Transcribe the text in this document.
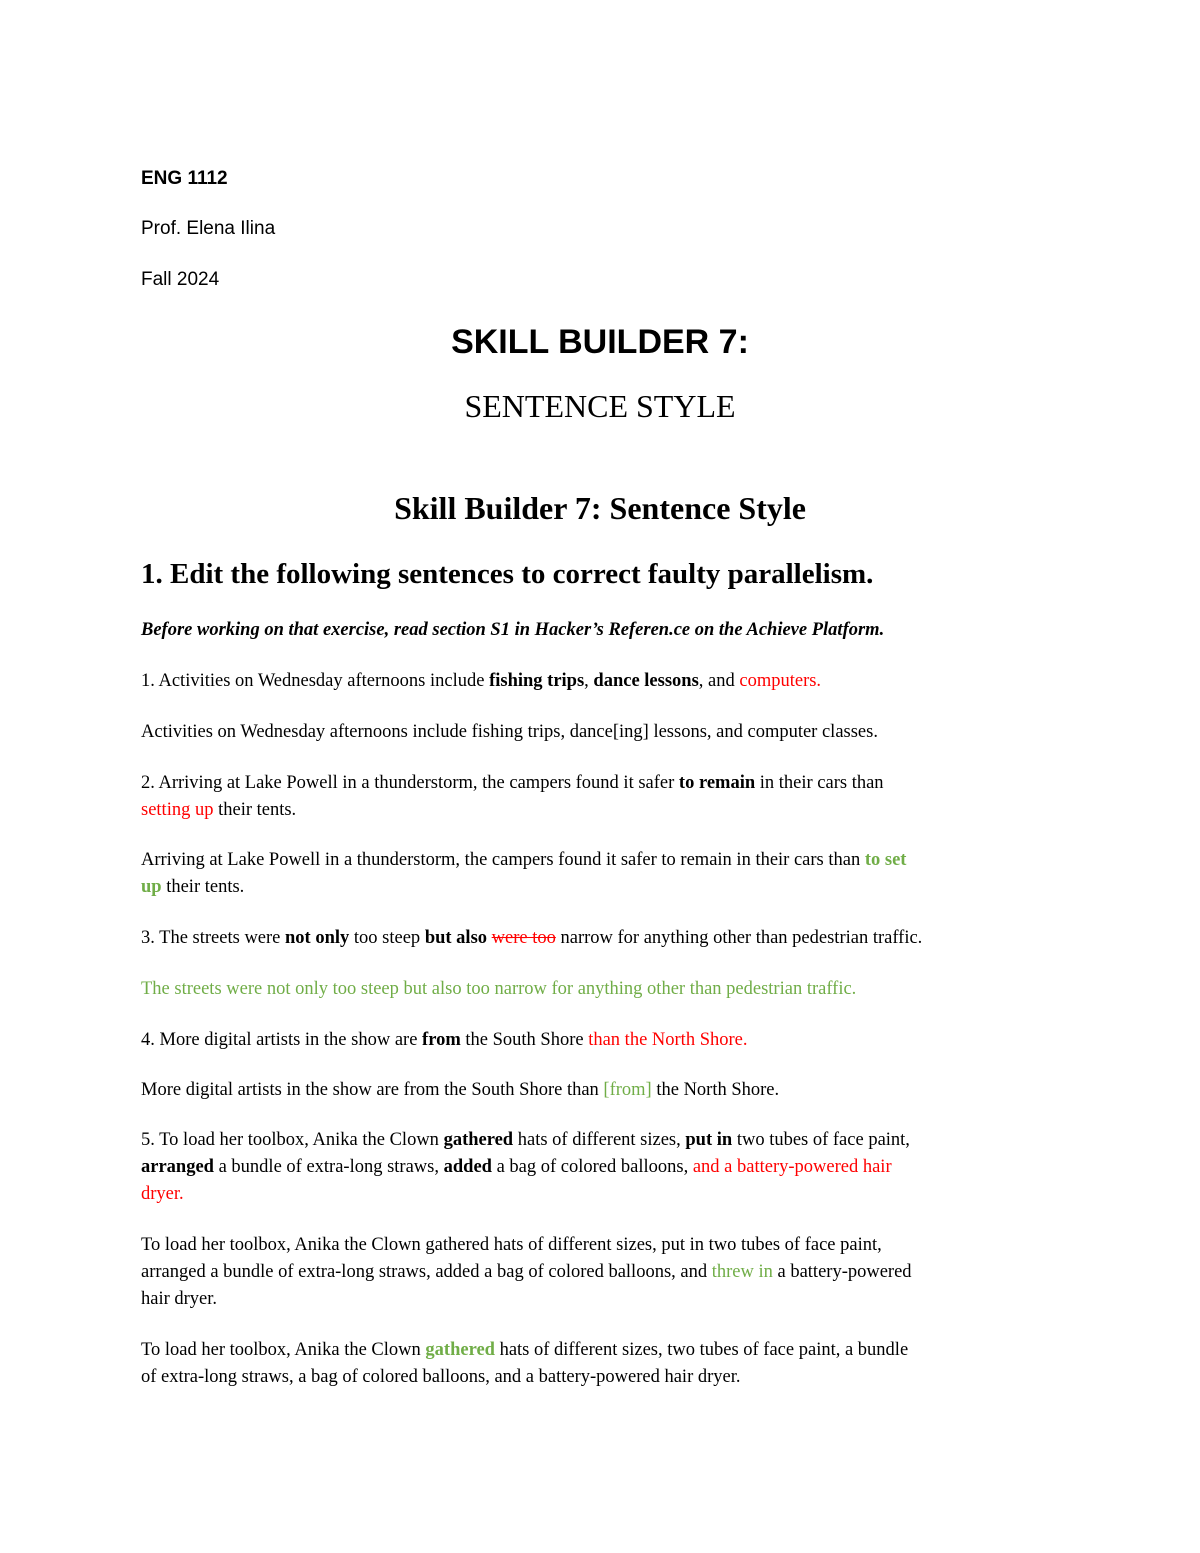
ENG 1112

Prof. Elena Ilina

Fall 2024

SKILL BUILDER 7:

SENTENCE STYLE

Skill Builder 7: Sentence Style

1. Edit the following sentences to correct faulty parallelism.

Before working on that exercise, read section S1 in Hacker’s Referen.ce on the Achieve Platform.

1. Activities on Wednesday afternoons include fishing trips, dance lessons, and computers.

Activities on Wednesday afternoons include fishing trips, dance[ing] lessons, and computer classes.

2. Arriving at Lake Powell in a thunderstorm, the campers found it safer to remain in their cars than
setting up their tents.

Arriving at Lake Powell in a thunderstorm, the campers found it safer to remain in their cars than to set
up their tents.

3. The streets were not only too steep but also were too narrow for anything other than pedestrian traffic.

The streets were not only too steep but also too narrow for anything other than pedestrian traffic.

4. More digital artists in the show are from the South Shore than the North Shore.

More digital artists in the show are from the South Shore than [from] the North Shore.

5. To load her toolbox, Anika the Clown gathered hats of different sizes, put in two tubes of face paint,
arranged a bundle of extra-long straws, added a bag of colored balloons, and a battery-powered hair
dryer.

To load her toolbox, Anika the Clown gathered hats of different sizes, put in two tubes of face paint,
arranged a bundle of extra-long straws, added a bag of colored balloons, and threw in a battery-powered
hair dryer.

To load her toolbox, Anika the Clown gathered hats of different sizes, two tubes of face paint, a bundle
of extra-long straws, a bag of colored balloons, and a battery-powered hair dryer.
